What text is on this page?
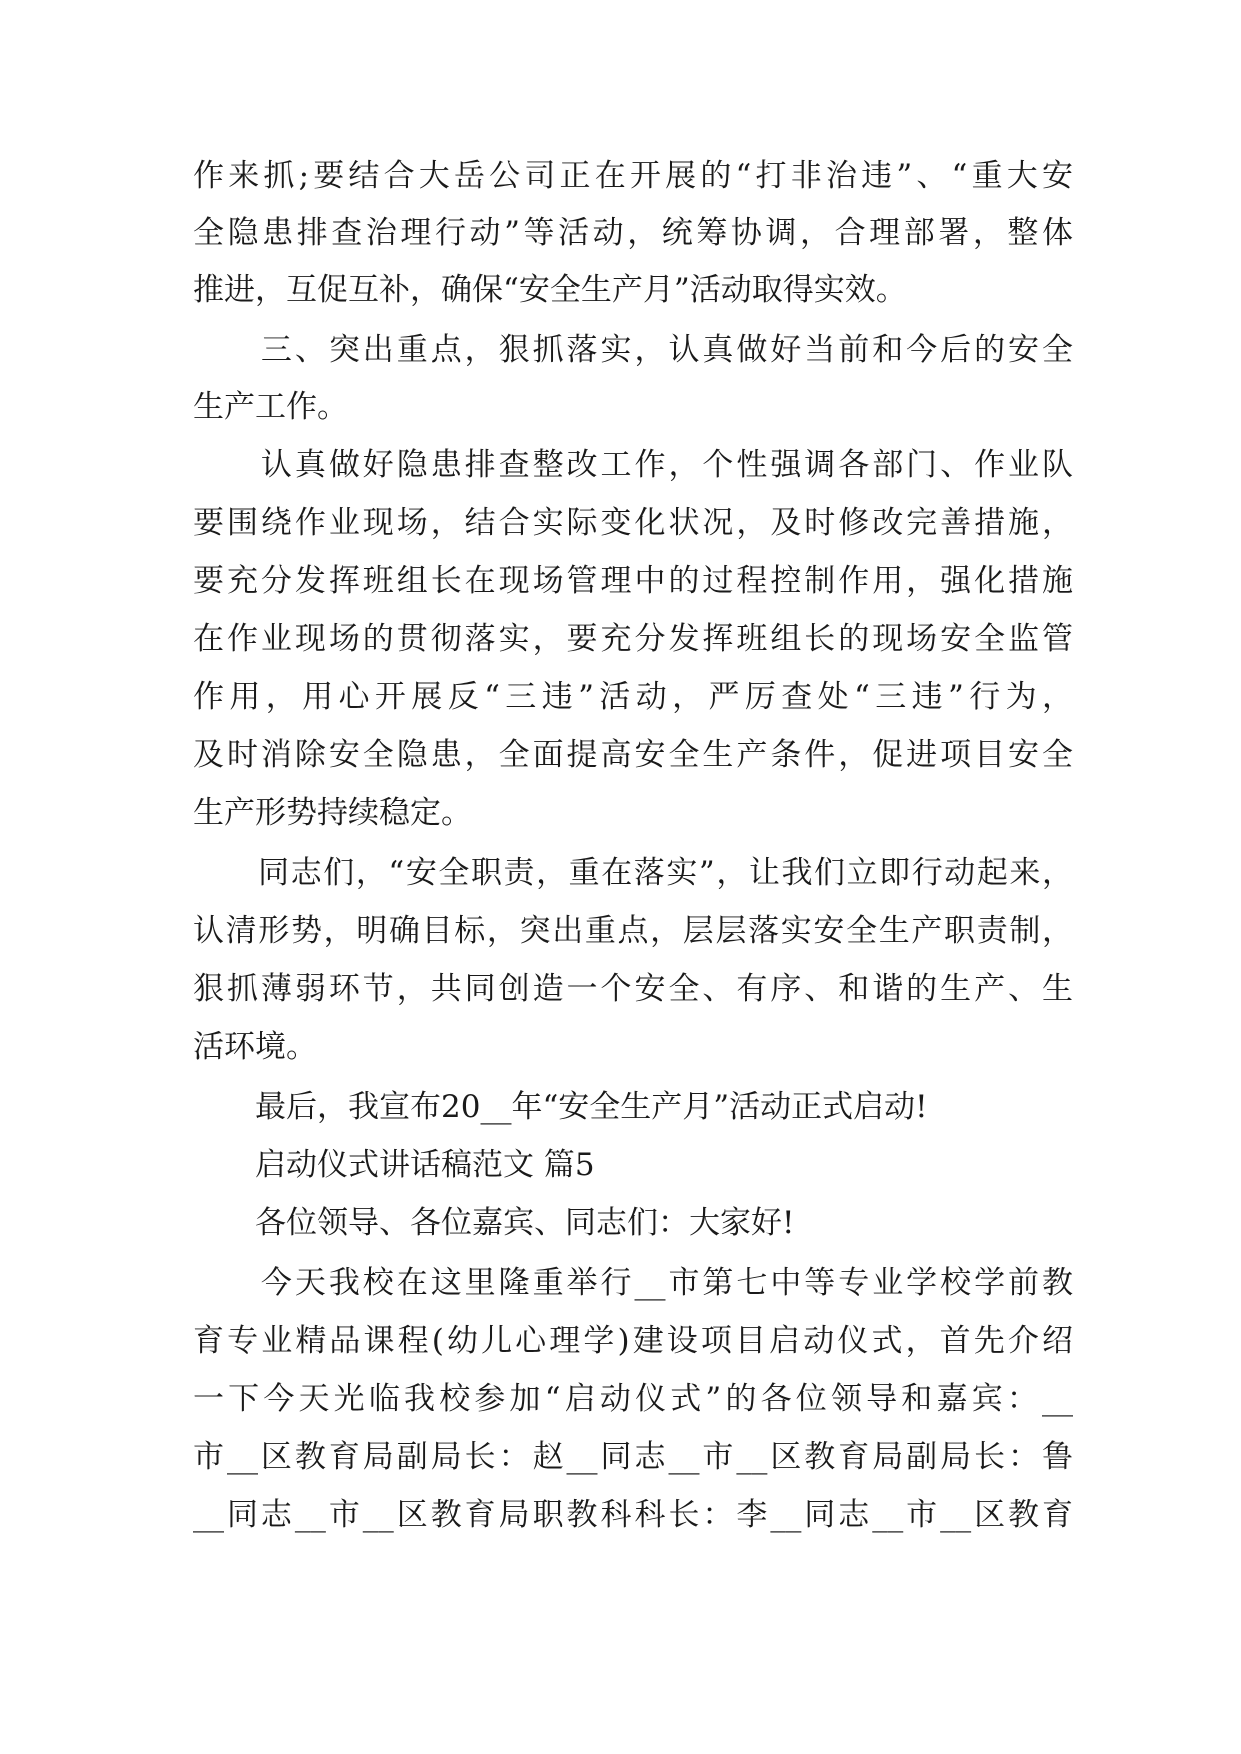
作来抓;要结合大岳公司正在开展的“打非治违”、“重大安
全隐患排查治理行动”等活动，统筹协调，合理部署，整体
推进，互促互补，确保“安全生产月”活动取得实效。
　　三、突出重点，狠抓落实，认真做好当前和今后的安全
生产工作。
　　认真做好隐患排查整改工作，个性强调各部门、作业队
要围绕作业现场，结合实际变化状况，及时修改完善措施，
要充分发挥班组长在现场管理中的过程控制作用，强化措施
在作业现场的贯彻落实，要充分发挥班组长的现场安全监管
作用，用心开展反“三违”活动，严厉查处“三违”行为，
及时消除安全隐患，全面提高安全生产条件，促进项目安全
生产形势持续稳定。
　　同志们，“安全职责，重在落实”，让我们立即行动起来，
认清形势，明确目标，突出重点，层层落实安全生产职责制，
狠抓薄弱环节，共同创造一个安全、有序、和谐的生产、生
活环境。
　　最后，我宣布20__年“安全生产月”活动正式启动!
　　启动仪式讲话稿范文 篇5
　　各位领导、各位嘉宾、同志们：大家好!
　　今天我校在这里隆重举行__市第七中等专业学校学前教
育专业精品课程(幼儿心理学)建设项目启动仪式，首先介绍
一下今天光临我校参加“启动仪式”的各位领导和嘉宾：__
市__区教育局副局长：赵__同志__市__区教育局副局长：鲁
__同志__市__区教育局职教科科长：李__同志__市__区教育
